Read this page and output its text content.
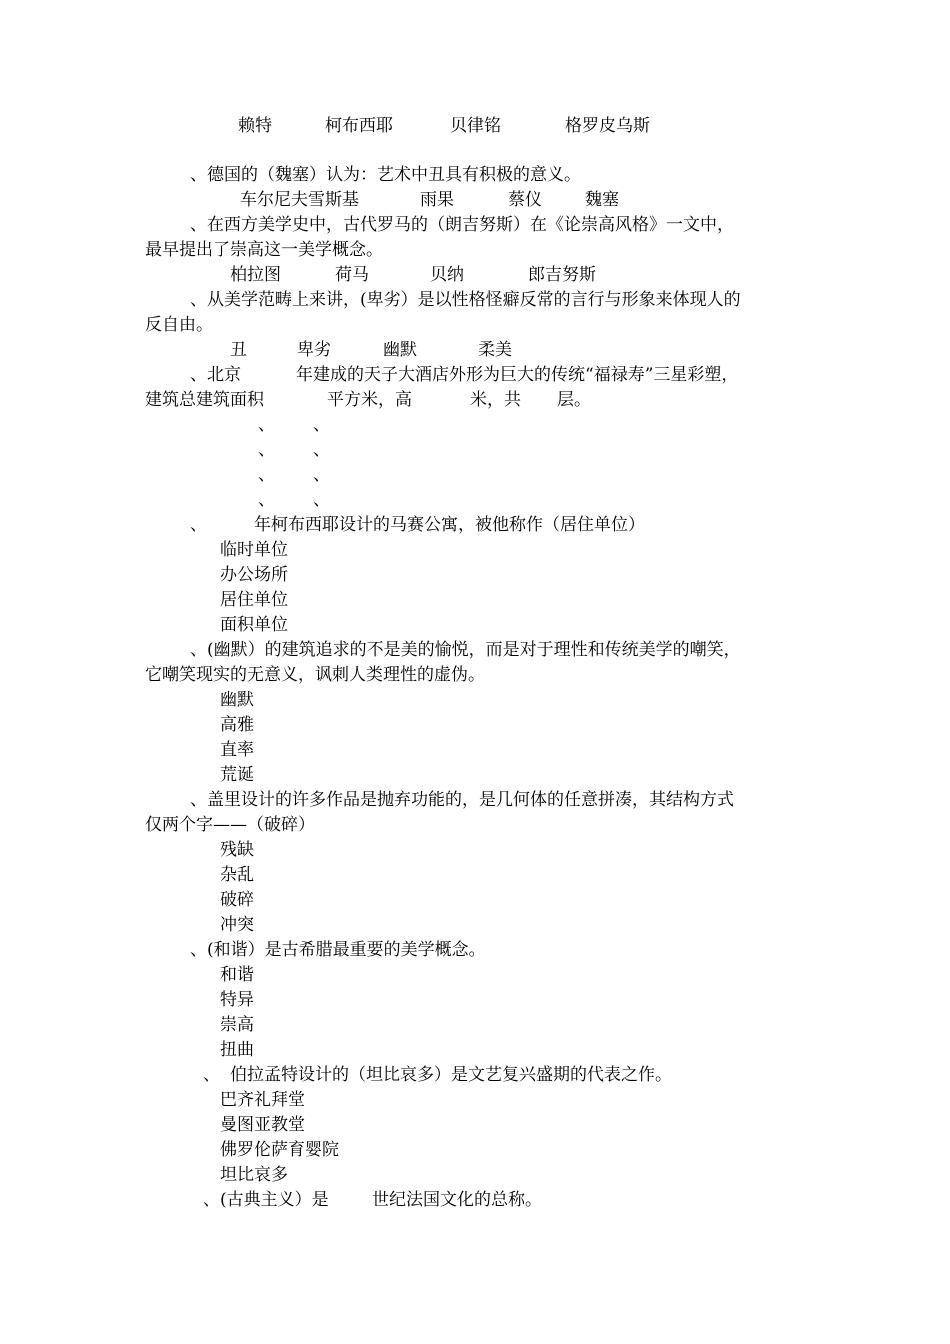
赖特	柯布西耶	贝律铭	格罗皮乌斯
、德国的（魏塞）认为：艺术中丑具有积极的意义。
车尔尼夫雪斯基	雨果	蔡仪	魏塞
、在西方美学史中，古代罗马的（朗吉努斯）在《论崇高风格》一文中，
最早提出了崇高这一美学概念。
柏拉图	荷马	贝纳	郎吉努斯
、从美学范畴上来讲，(卑劣）是以性格怪癖反常的言行与形象来体现人的
反自由。
丑	卑劣	幽默	柔美
、北京	年建成的天子大酒店外形为巨大的传统“福禄寿”三星彩塑，
建筑总建筑面积	平方米，高	米，共 层。
、 、
、 、
、 、
、 、
、	年柯布西耶设计的马赛公寓，被他称作（居住单位）
临时单位
办公场所
居住单位
面积单位
、(幽默）的建筑追求的不是美的愉悦，而是对于理性和传统美学的嘲笑，
它嘲笑现实的无意义，讽刺人类理性的虚伪。
幽默
高雅
直率
荒诞
、盖里设计的许多作品是抛弃功能的，是几何体的任意拼凑，其结构方式
仅两个字——（破碎）
残缺
杂乱
破碎
冲突
、(和谐）是古希腊最重要的美学概念。
和谐
特异
崇高
扭曲
、 伯拉孟特设计的（坦比哀多）是文艺复兴盛期的代表之作。
巴齐礼拜堂
曼图亚教堂
佛罗伦萨育婴院
坦比哀多
、(古典主义）是	世纪法国文化的总称。
